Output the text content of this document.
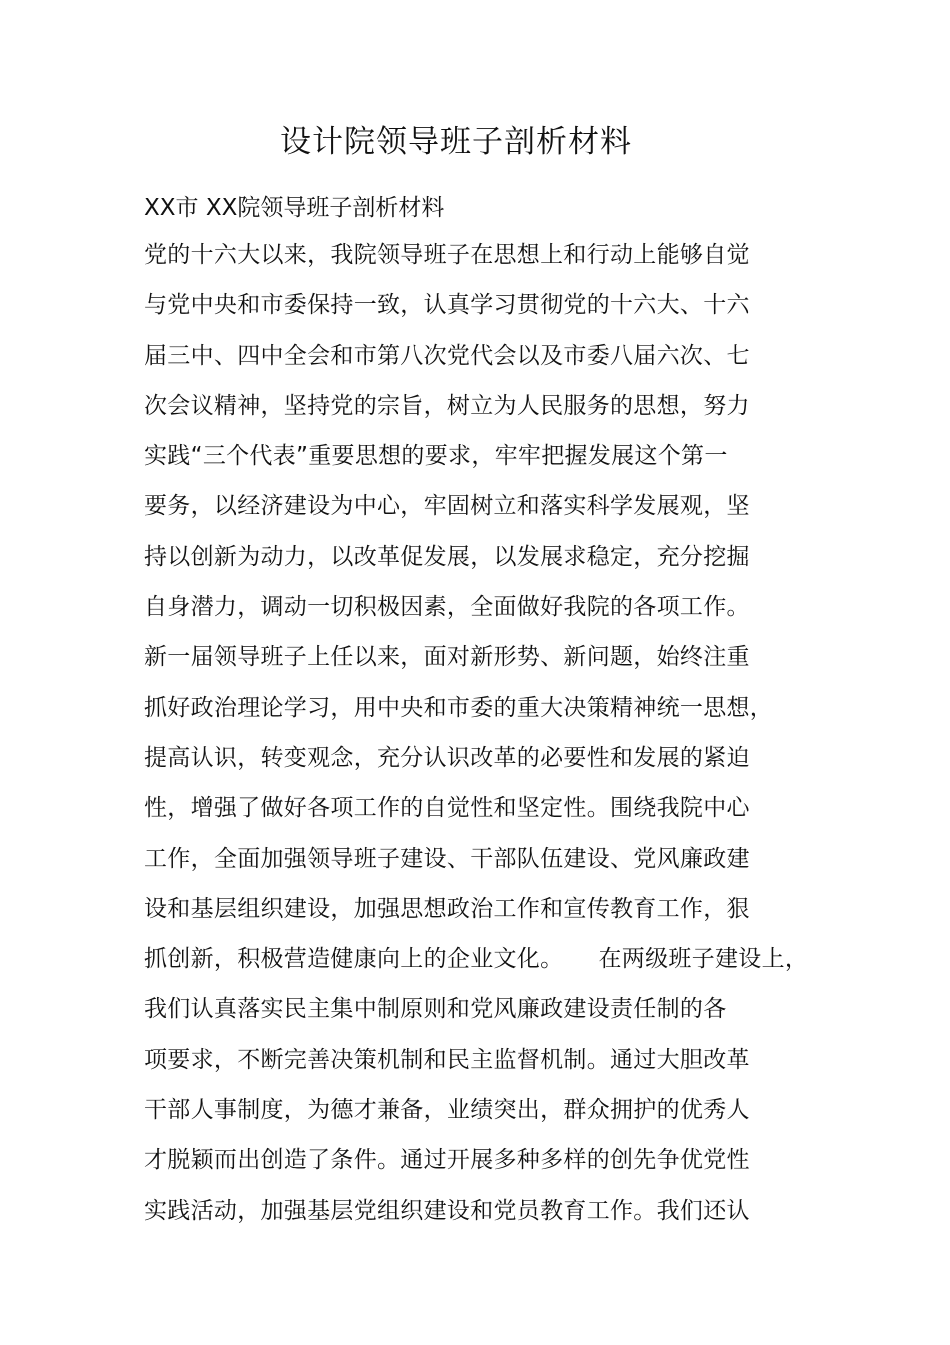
设计院领导班子剖析材料

XX市 XX院领导班子剖析材料

党的十六大以来，我院领导班子在思想上和行动上能够自觉
与党中央和市委保持一致，认真学习贯彻党的十六大、十六
届三中、四中全会和市第八次党代会以及市委八届六次、七
次会议精神，坚持党的宗旨，树立为人民服务的思想，努力
实践“三个代表”重要思想的要求，牢牢把握发展这个第一
要务，以经济建设为中心，牢固树立和落实科学发展观，坚
持以创新为动力，以改革促发展，以发展求稳定，充分挖掘
自身潜力，调动一切积极因素，全面做好我院的各项工作。
新一届领导班子上任以来，面对新形势、新问题，始终注重
抓好政治理论学习，用中央和市委的重大决策精神统一思想，
提高认识，转变观念，充分认识改革的必要性和发展的紧迫
性，增强了做好各项工作的自觉性和坚定性。围绕我院中心
工作，全面加强领导班子建设、干部队伍建设、党风廉政建
设和基层组织建设，加强思想政治工作和宣传教育工作，狠
抓创新，积极营造健康向上的企业文化。　　在两级班子建设上，
我们认真落实民主集中制原则和党风廉政建设责任制的各
项要求，不断完善决策机制和民主监督机制。通过大胆改革
干部人事制度，为德才兼备，业绩突出，群众拥护的优秀人
才脱颖而出创造了条件。通过开展多种多样的创先争优党性
实践活动，加强基层党组织建设和党员教育工作。我们还认
